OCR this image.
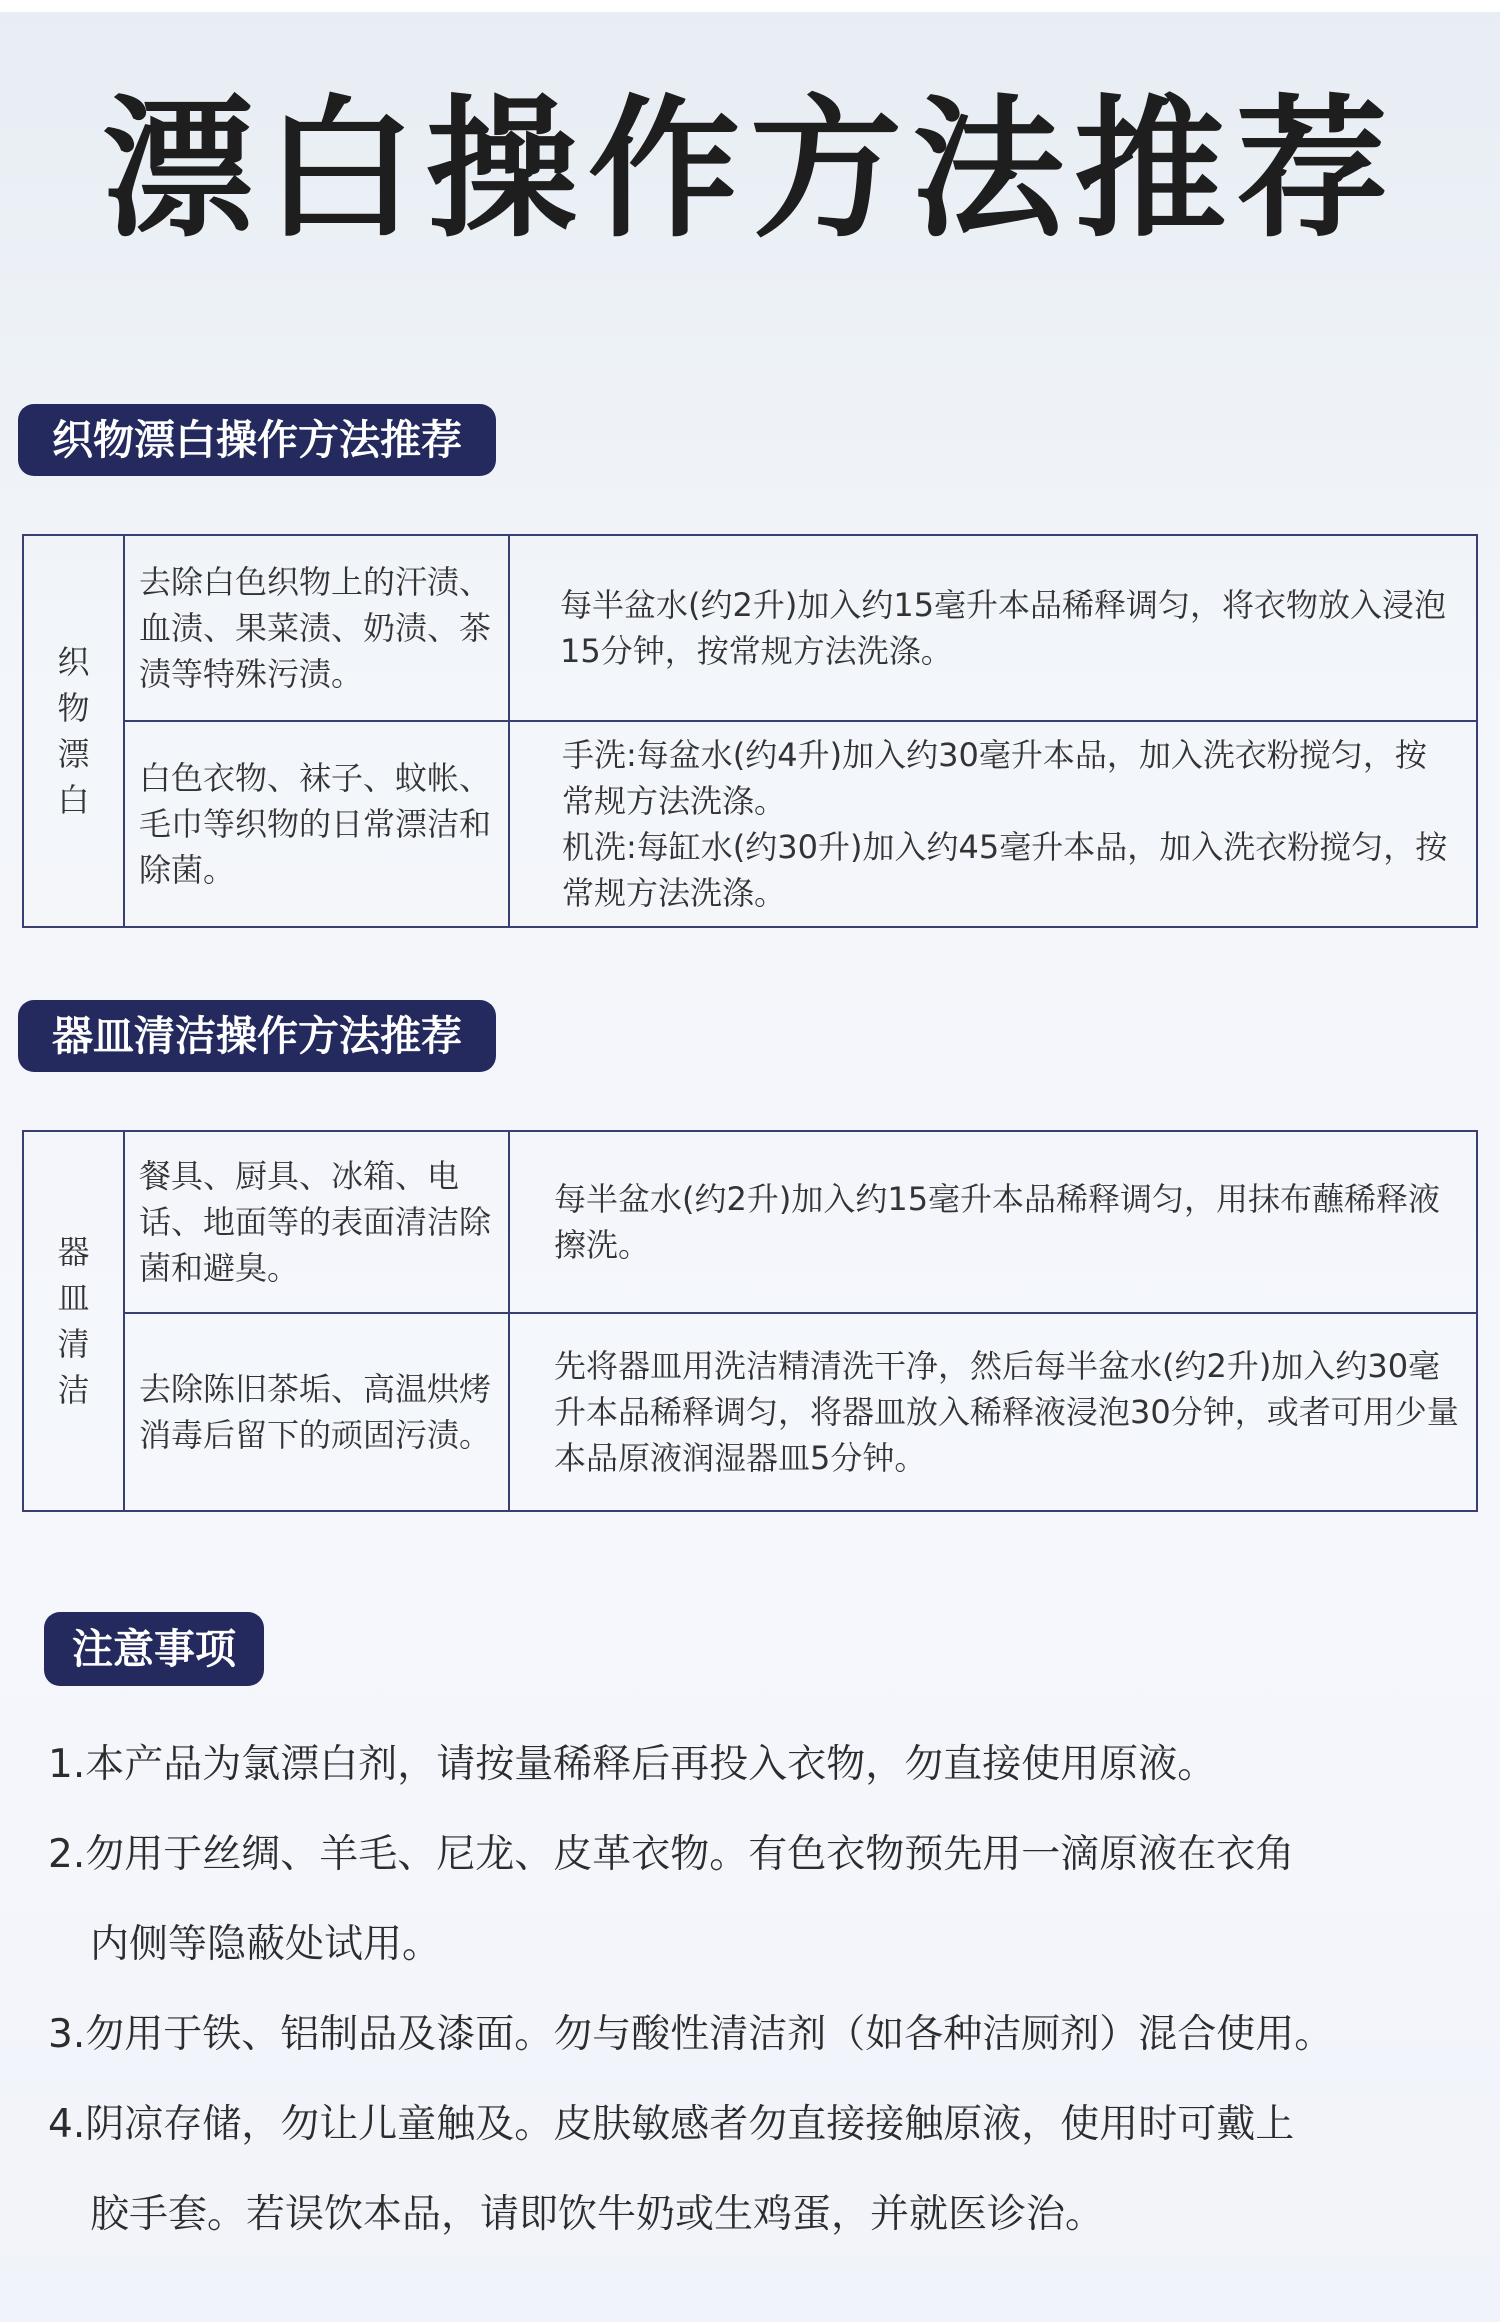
漂白操作方法推荐
织物漂白操作方法推荐
织物漂白	去除白色织物上的汗渍、血渍、果菜渍、奶渍、茶渍等特殊污渍。	每半盆水(约2升)加入约15毫升本品稀释调匀，将衣物放入浸泡15分钟，按常规方法洗涤。
	白色衣物、袜子、蚊帐、毛巾等织物的日常漂洁和除菌。	手洗:每盆水(约4升)加入约30毫升本品，加入洗衣粉搅匀，按常规方法洗涤。
机洗:每缸水(约30升)加入约45毫升本品，加入洗衣粉搅匀，按常规方法洗涤。
器皿清洁操作方法推荐
器皿清洁	餐具、厨具、冰箱、电话、地面等的表面清洁除菌和避臭。	每半盆水(约2升)加入约15毫升本品稀释调匀，用抹布蘸稀释液擦洗。
	去除陈旧茶垢、高温烘烤消毒后留下的顽固污渍。	先将器皿用洗洁精清洗干净，然后每半盆水(约2升)加入约30毫升本品稀释调匀，将器皿放入稀释液浸泡30分钟，或者可用少量本品原液润湿器皿5分钟。
注意事项
1.本产品为氯漂白剂，请按量稀释后再投入衣物，勿直接使用原液。
2.勿用于丝绸、羊毛、尼龙、皮革衣物。有色衣物预先用一滴原液在衣角
内侧等隐蔽处试用。
3.勿用于铁、铝制品及漆面。勿与酸性清洁剂（如各种洁厕剂）混合使用。
4.阴凉存储，勿让儿童触及。皮肤敏感者勿直接接触原液，使用时可戴上
胶手套。若误饮本品，请即饮牛奶或生鸡蛋，并就医诊治。
